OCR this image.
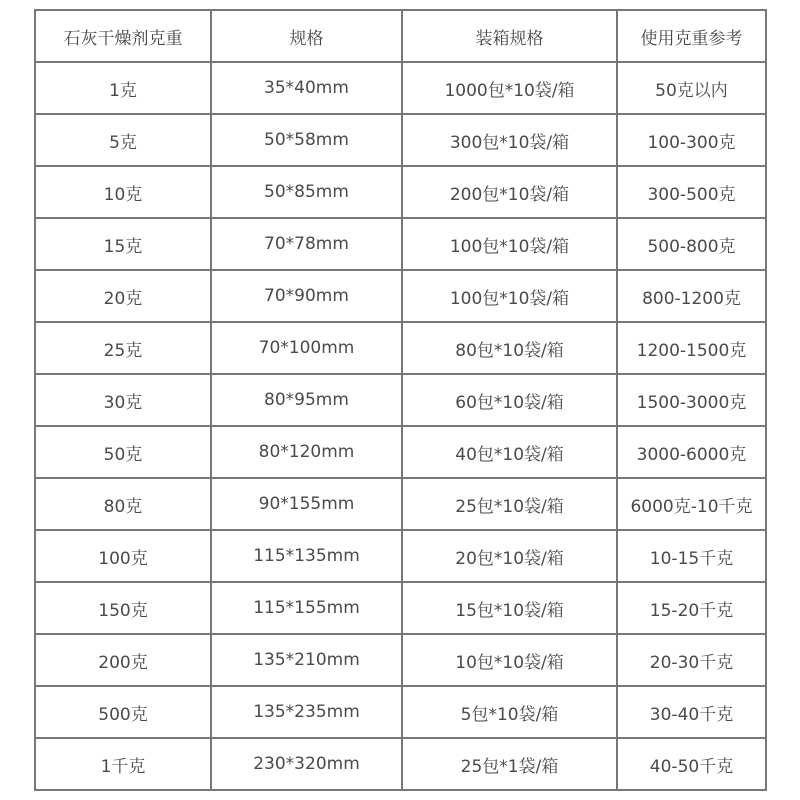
石灰干燥剂克重	规格	装箱规格	使用克重参考
1克	35*40mm	1000包*10袋/箱	50克以内
5克	50*58mm	300包*10袋/箱	100-300克
10克	50*85mm	200包*10袋/箱	300-500克
15克	70*78mm	100包*10袋/箱	500-800克
20克	70*90mm	100包*10袋/箱	800-1200克
25克	70*100mm	80包*10袋/箱	1200-1500克
30克	80*95mm	60包*10袋/箱	1500-3000克
50克	80*120mm	40包*10袋/箱	3000-6000克
80克	90*155mm	25包*10袋/箱	6000克-10千克
100克	115*135mm	20包*10袋/箱	10-15千克
150克	115*155mm	15包*10袋/箱	15-20千克
200克	135*210mm	10包*10袋/箱	20-30千克
500克	135*235mm	5包*10袋/箱	30-40千克
1千克	230*320mm	25包*1袋/箱	40-50千克
